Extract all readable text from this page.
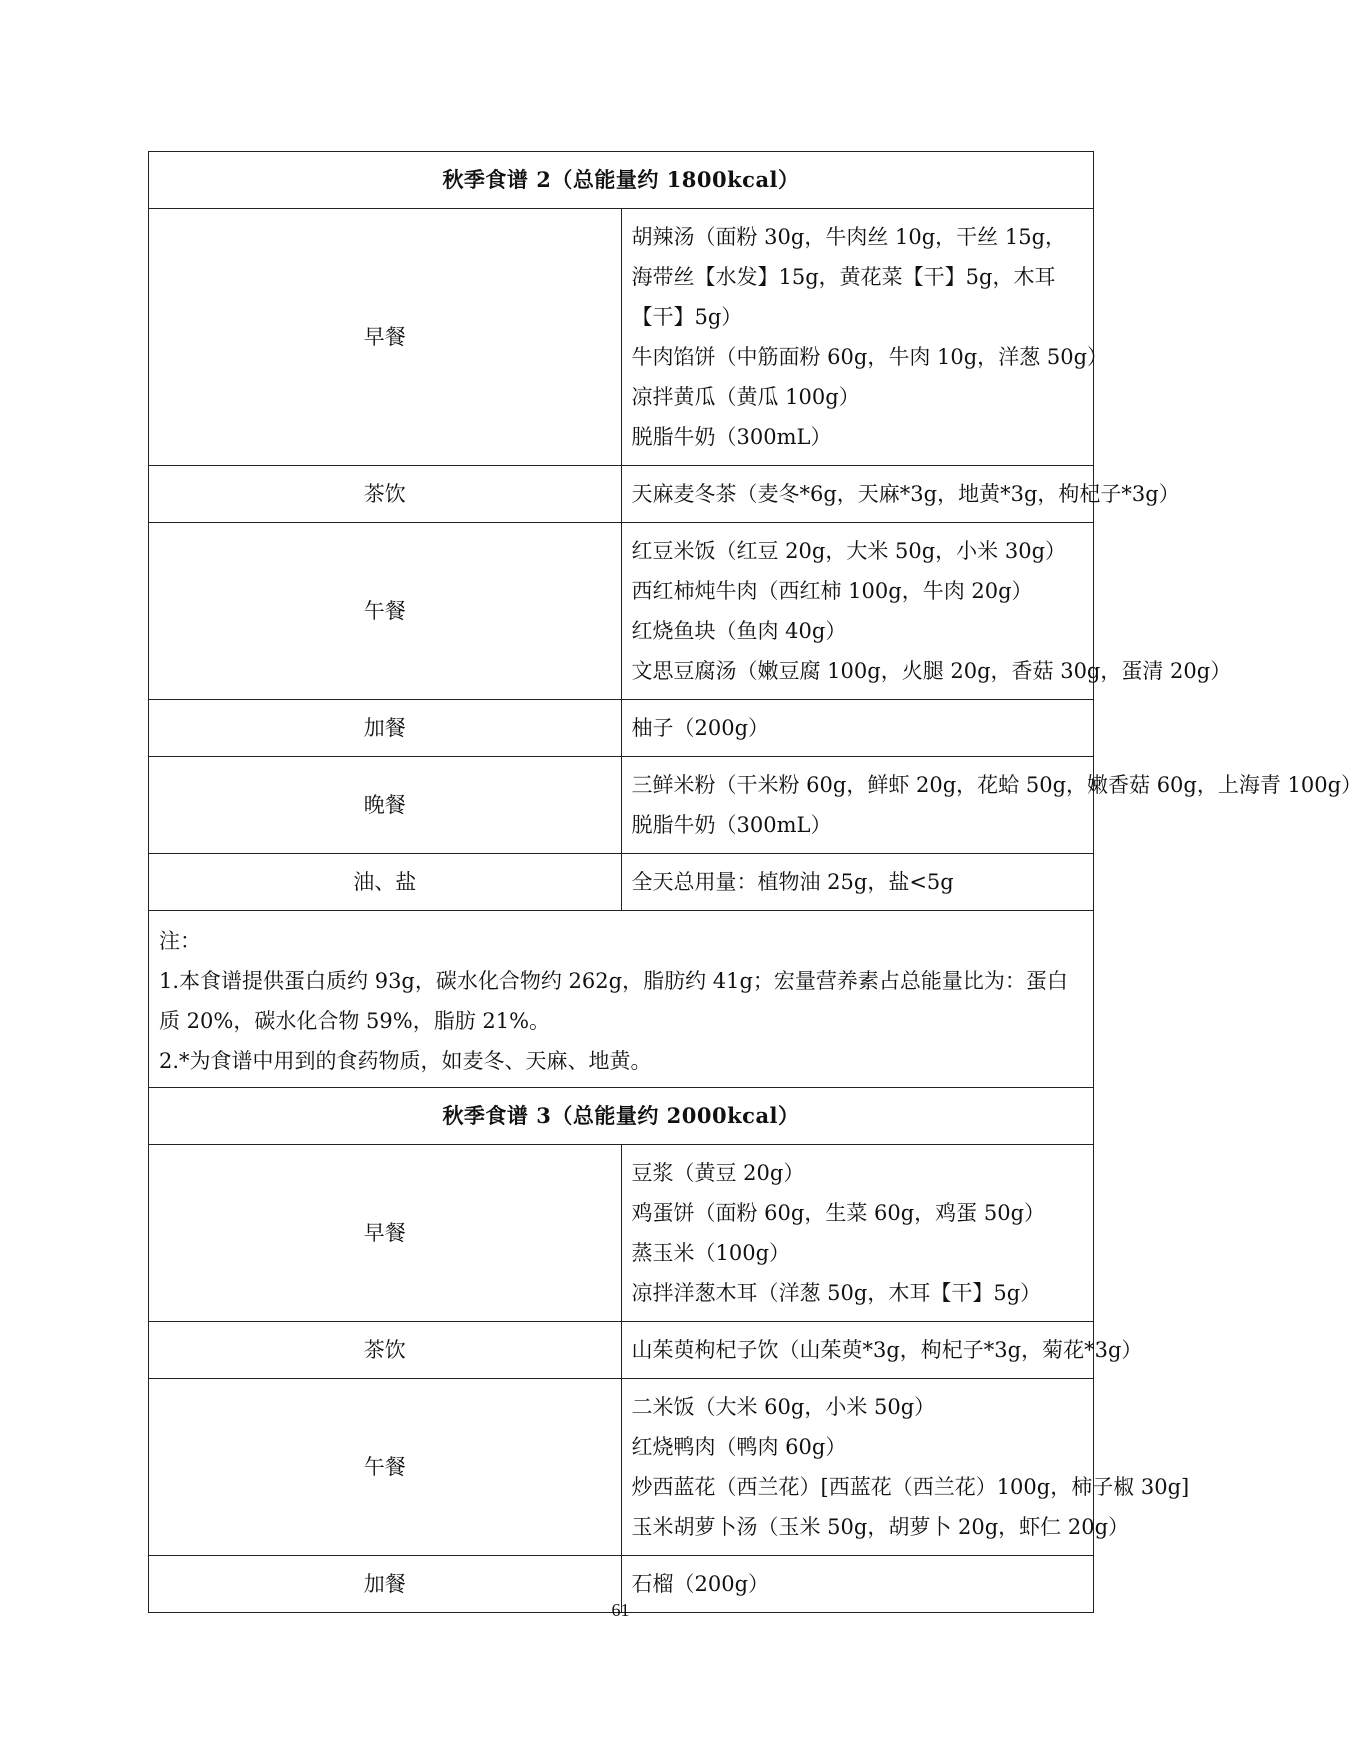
秋季食谱 2（总能量约 1800kcal）	
早餐	胡辣汤（面粉 30g，牛肉丝 10g，干丝 15g，海带丝【水发】15g，黄花菜【干】5g，木耳【干】5g）
牛肉馅饼（中筋面粉 60g，牛肉 10g，洋葱 50g）
凉拌黄瓜（黄瓜 100g）
脱脂牛奶（300mL）

茶饮	天麻麦冬茶（麦冬*6g，天麻*3g，地黄*3g，枸杞子*3g）

午餐	红豆米饭（红豆 20g，大米 50g，小米 30g）
西红柿炖牛肉（西红柿 100g，牛肉 20g）
红烧鱼块（鱼肉 40g）
文思豆腐汤（嫩豆腐 100g，火腿 20g，香菇 30g，蛋清 20g）

加餐	柚子（200g）

晚餐	三鲜米粉（干米粉 60g，鲜虾 20g，花蛤 50g，嫩香菇 60g，上海青 100g）
脱脂牛奶（300mL）

油、盐	全天总用量：植物油 25g，盐<5g

注：
1.本食谱提供蛋白质约 93g，碳水化合物约 262g，脂肪约 41g；宏量营养素占总能量比为：蛋白质 20%，碳水化合物 59%，脂肪 21%。
2.*为食谱中用到的食药物质，如麦冬、天麻、地黄。	

秋季食谱 3（总能量约 2000kcal）	
早餐	豆浆（黄豆 20g）
鸡蛋饼（面粉 60g，生菜 60g，鸡蛋 50g）
蒸玉米（100g）
凉拌洋葱木耳（洋葱 50g，木耳【干】5g）

茶饮	山茱萸枸杞子饮（山茱萸*3g，枸杞子*3g，菊花*3g）

午餐	二米饭（大米 60g，小米 50g）
红烧鸭肉（鸭肉 60g）
炒西蓝花（西兰花）[西蓝花（西兰花）100g，柿子椒 30g]
玉米胡萝卜汤（玉米 50g，胡萝卜 20g，虾仁 20g）

加餐	石榴（200g）
61
